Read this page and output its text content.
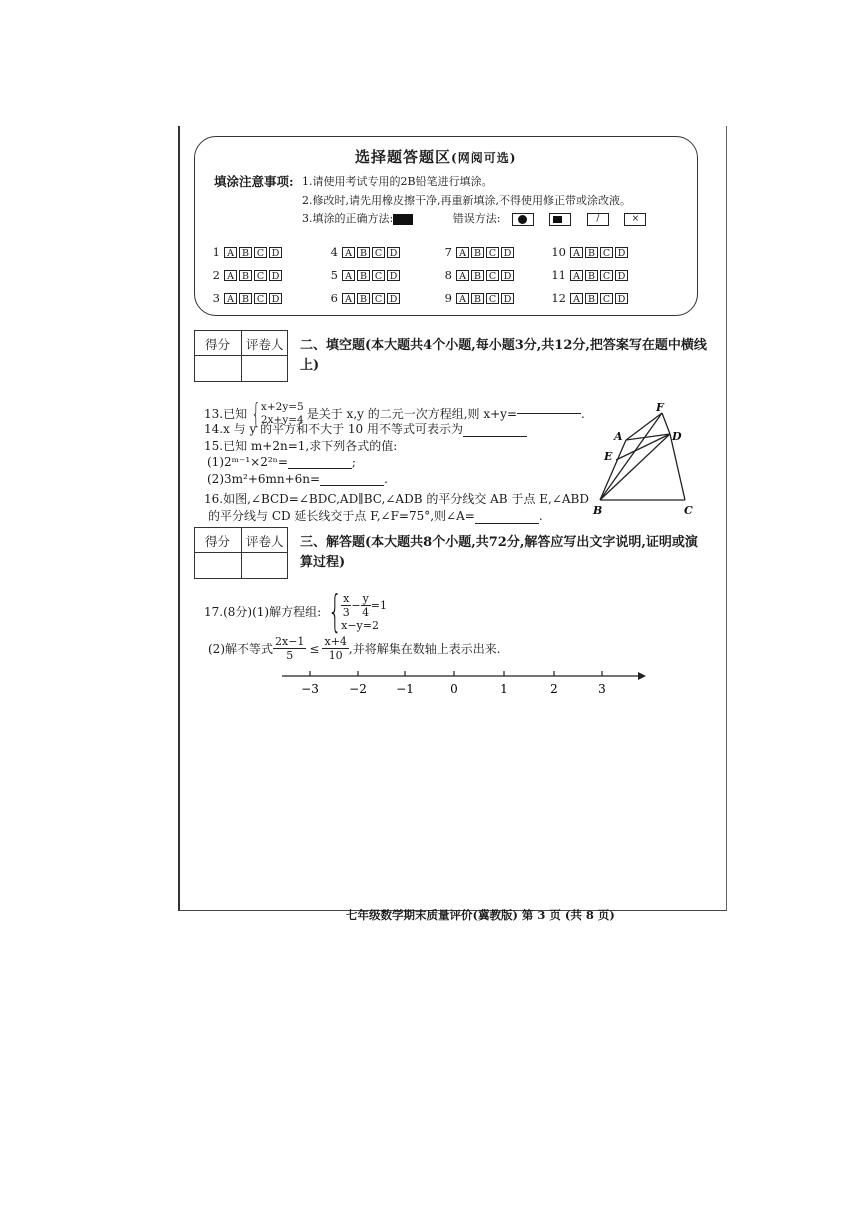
选择题答题区(网阅可选)
填涂注意事项: 1.请使用考试专用的2B铅笔进行填涂。
2.修改时,请先用橡皮擦干净,再重新填涂,不得使用修正带或涂改液。
3.填涂的正确方法:	错误方法:
	/	×
1 A B C D
2 A B C D
3 A B C D
4 A B C D
5 A B C D
6 A B C D
7 A B C D
8 A B C D
9 A B C D
10 A B C D
11 A B C D
12 A B C D
得分 评卷人 二、填空题(本大题共4个小题,每小题3分,共12分,把答案写在题中横线上)
13.已知 { x+2y=5
2x+y=4 是关于 x,y 的二元一次方程组,则 x+y=	.
14.x 与 y 的平方和不大于 10 用不等式可表示为
15.已知 m+2n=1,求下列各式的值:
(1)2ᵐ⁻¹×2²ⁿ=	;
(2)3m²+6mn+6n=	.
16.如图,∠BCD=∠BDC,AD∥BC,∠ADB 的平分线交 AB 于点 E,∠ABD
的平分线与 CD 延长线交于点 F,∠F=75°,则∠A=	.
F
A	D
E
B	C
得分 评卷人 三、解答题(本大题共8个小题,共72分,解答应写出文字说明,证明或演算过程)
17.(8分)(1)解方程组: { $\frac{x}{3} - \frac{y}{4} =1$
x−y=2
(2)解不等式 $\frac{2x-1}{5} \le \frac{x+4}{10}$ ,并将解集在数轴上表示出来.
−3	−2 −1	0	1	2	3
七年级数学期末质量评价(冀教版) 第 3 页 (共 8 页)
